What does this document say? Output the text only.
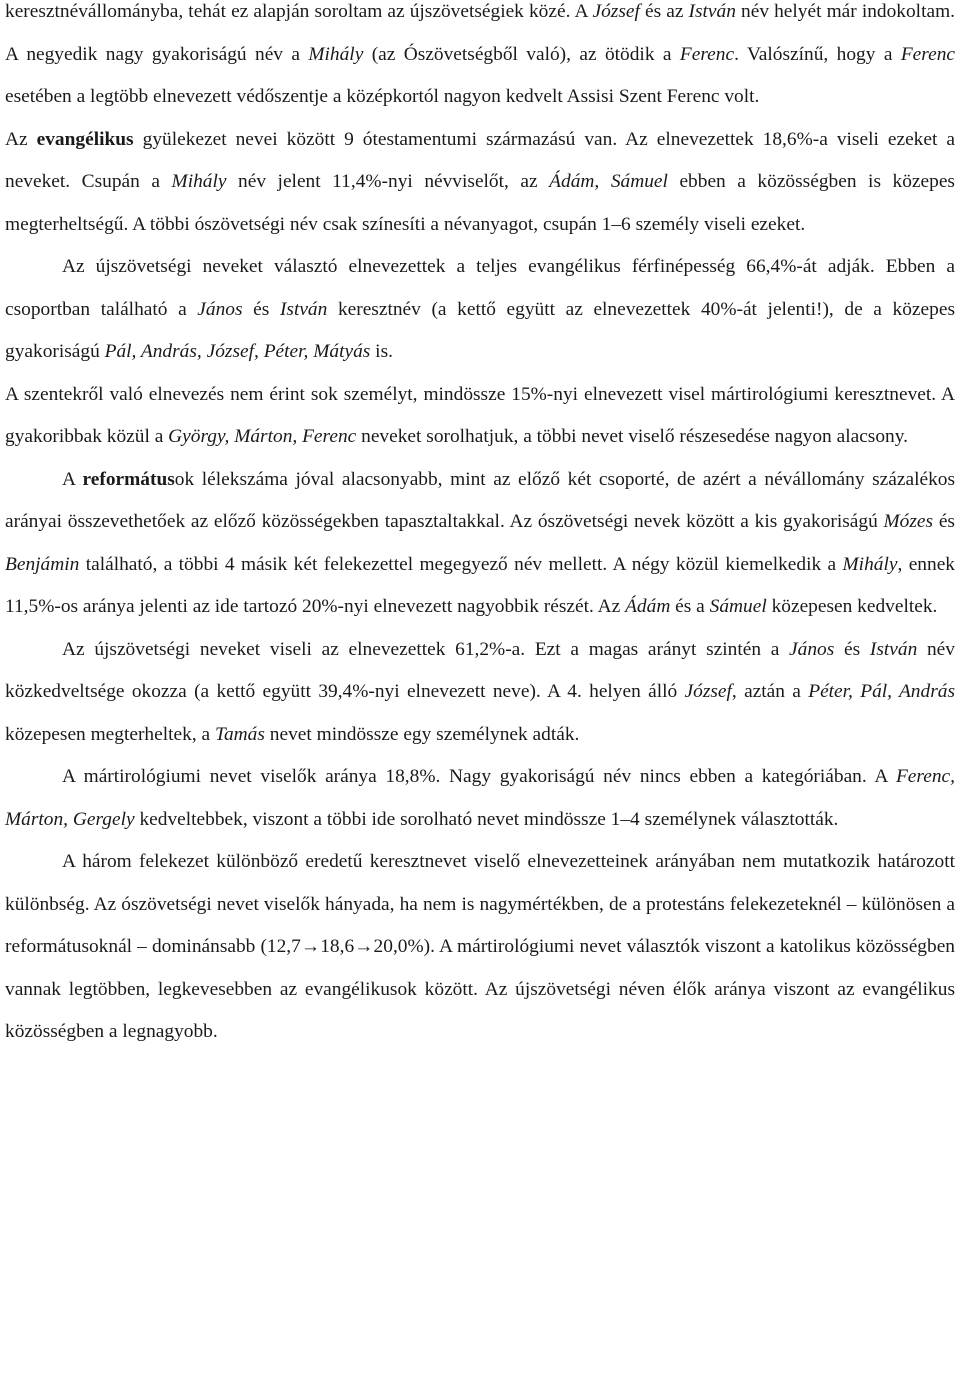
keresztnévállományba, tehát ez alapján soroltam az újszövetségiek közé. A József és az István név helyét már indokoltam. A negyedik nagy gyakoriságú név a Mihály (az Ószövetségből való), az ötödik a Ferenc. Valószínű, hogy a Ferenc esetében a legtöbb elnevezett védőszentje a középkortól nagyon kedvelt Assisi Szent Ferenc volt.

Az evangélikus gyülekezet nevei között 9 ótestamentumi származású van. Az elnevezettek 18,6%-a viseli ezeket a neveket. Csupán a Mihály név jelent 11,4%-nyi névviselőt, az Ádám, Sámuel ebben a közösségben is közepes megterheltségű. A többi ószövetségi név csak színesíti a névanyagot, csupán 1–6 személy viseli ezeket.

Az újszövetségi neveket választó elnevezettek a teljes evangélikus férfinépesség 66,4%-át adják. Ebben a csoportban található a János és István keresztnév (a kettő együtt az elnevezettek 40%-át jelenti!), de a közepes gyakoriságú Pál, András, József, Péter, Mátyás is.

A szentekről való elnevezés nem érint sok személyt, mindössze 15%-nyi elnevezett visel mártirológiumi keresztnevet. A gyakoribbak közül a György, Márton, Ferenc neveket sorolhatjuk, a többi nevet viselő részesedése nagyon alacsony.

A reformátusok lélekszáma jóval alacsonyabb, mint az előző két csoporté, de azért a névállomány százalékos arányai összevethetőek az előző közösségekben tapasztaltakkal. Az ószövetségi nevek között a kis gyakoriságú Mózes és Benjámin található, a többi 4 másik két felekezettel megegyező név mellett. A négy közül kiemelkedik a Mihály, ennek 11,5%-os aránya jelenti az ide tartozó 20%-nyi elnevezett nagyobbik részét. Az Ádám és a Sámuel közepesen kedveltek.

Az újszövetségi neveket viseli az elnevezettek 61,2%-a. Ezt a magas arányt szintén a János és István név közkedveltsége okozza (a kettő együtt 39,4%-nyi elnevezett neve). A 4. helyen álló József, aztán a Péter, Pál, András közepesen megterheltek, a Tamás nevet mindössze egy személynek adták.

A mártirológiumi nevet viselők aránya 18,8%. Nagy gyakoriságú név nincs ebben a kategóriában. A Ferenc, Márton, Gergely kedveltebbek, viszont a többi ide sorolható nevet mindössze 1–4 személynek választották.

A három felekezet különböző eredetű keresztnevet viselő elnevezetteinek arányában nem mutatkozik határozott különbség. Az ószövetségi nevet viselők hányada, ha nem is nagymértékben, de a protestáns felekezeteknél – különösen a reformátusoknál – dominánsabb (12,7→18,6→20,0%). A mártirológiumi nevet választók viszont a katolikus közösségben vannak legtöbben, legkevesebben az evangélikusok között. Az újszövetségi néven élők aránya viszont az evangélikus közösségben a legnagyobb.
